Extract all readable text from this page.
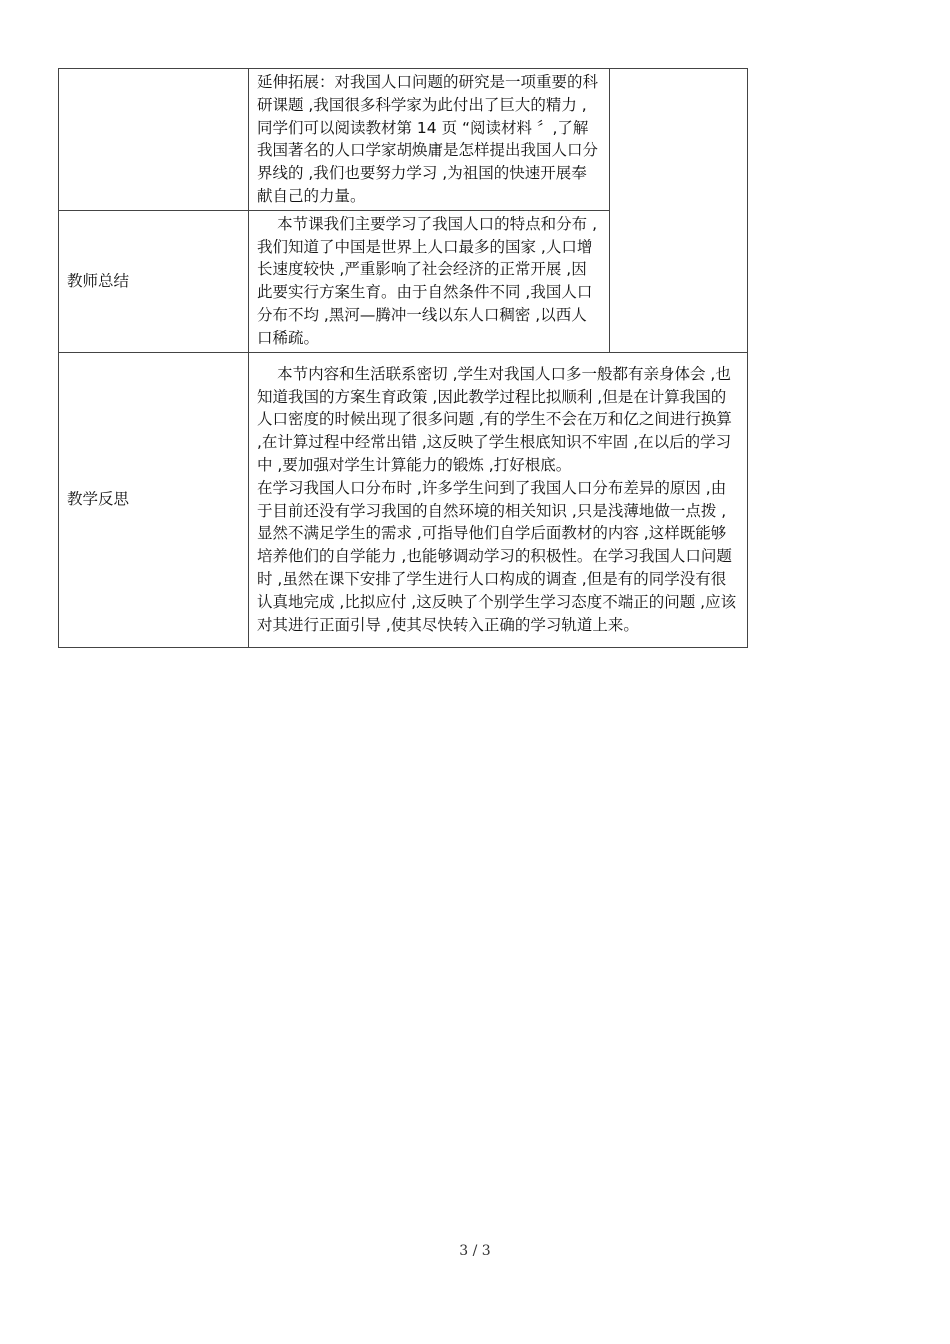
	延伸拓展：对我国人口问题的研究是一项重要的科研课题 ,我国很多科学家为此付出了巨大的精力 ,同学们可以阅读教材第 14 页 “阅读材料 〞,了解我国著名的人口学家胡焕庸是怎样提出我国人口分界线的 ,我们也要努力学习 ,为祖国的快速开展奉献自己的力量。	

教师总结	本节课我们主要学习了我国人口的特点和分布 ,我们知道了中国是世界上人口最多的国家 ,人口增长速度较快 ,严重影响了社会经济的正常开展 ,因此要实行方案生育。由于自然条件不同 ,我国人口分布不均 ,黑河—腾冲一线以东人口稠密 ,以西人口稀疏。	

教学反思	本节内容和生活联系密切 ,学生对我国人口多一般都有亲身体会 ,也知道我国的方案生育政策 ,因此教学过程比拟顺利 ,但是在计算我国的人口密度的时候出现了很多问题 ,有的学生不会在万和亿之间进行换算 ,在计算过程中经常出错 ,这反映了学生根底知识不牢固 ,在以后的学习中 ,要加强对学生计算能力的锻炼 ,打好根底。

在学习我国人口分布时 ,许多学生问到了我国人口分布差异的原因 ,由于目前还没有学习我国的自然环境的相关知识 ,只是浅薄地做一点拨 ,显然不满足学生的需求 ,可指导他们自学后面教材的内容 ,这样既能够培养他们的自学能力 ,也能够调动学习的积极性。在学习我国人口问题时 ,虽然在课下安排了学生进行人口构成的调查 ,但是有的同学没有很认真地完成 ,比拟应付 ,这反映了个别学生学习态度不端正的问题 ,应该对其进行正面引导 ,使其尽快转入正确的学习轨道上来。	

3 / 3
